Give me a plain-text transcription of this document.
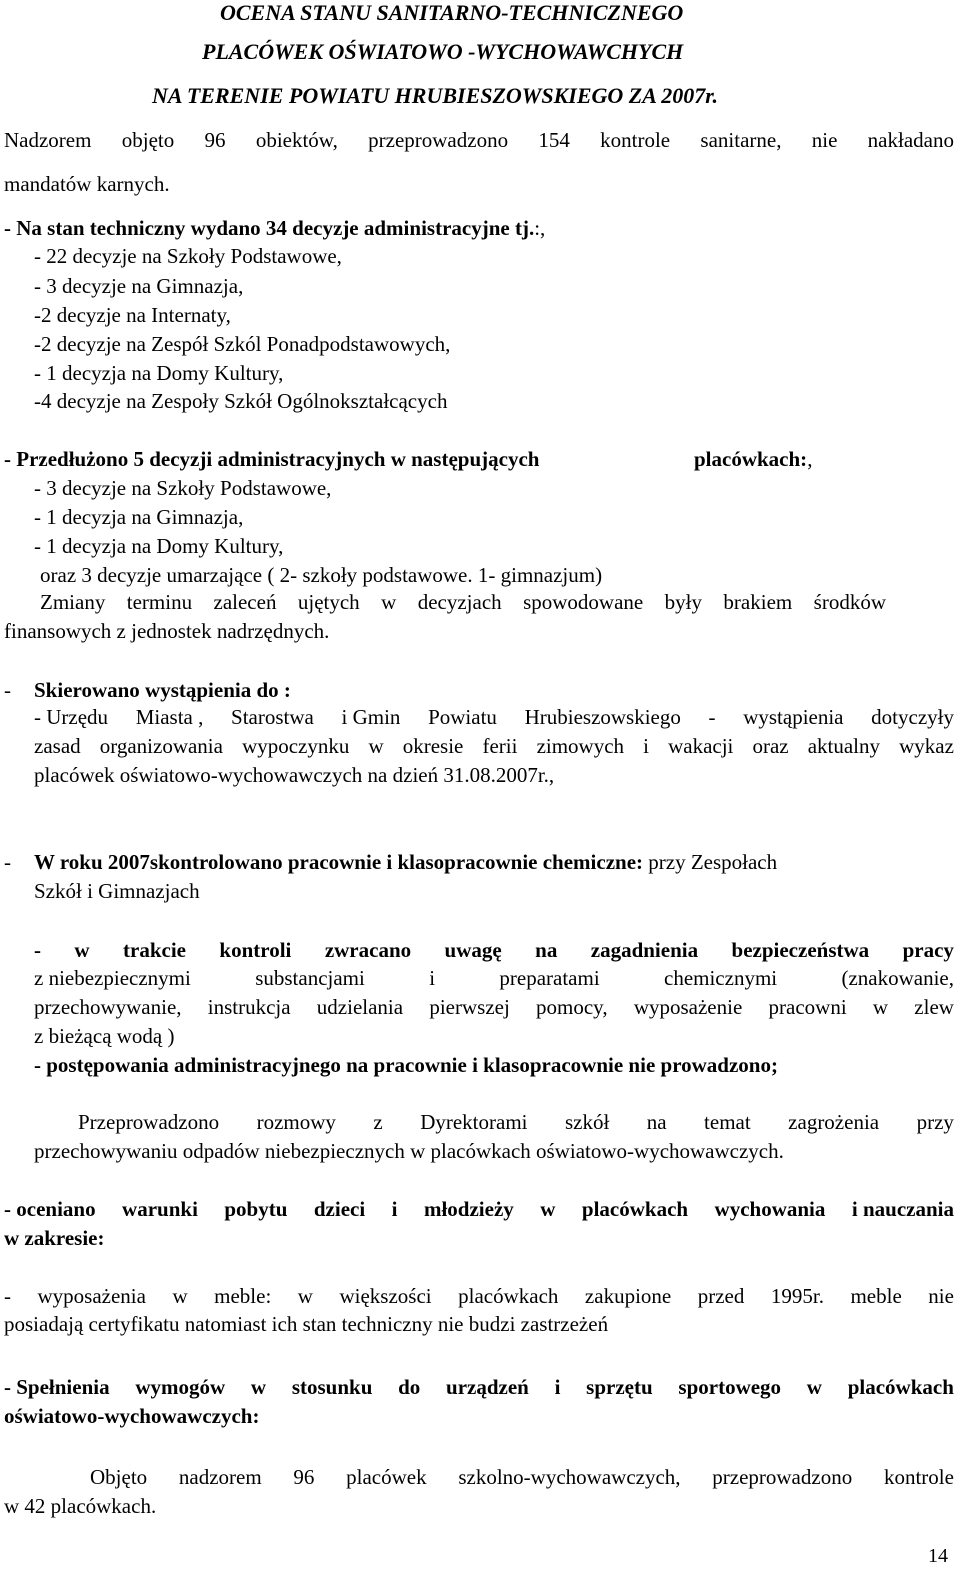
OCENA STANU SANITARNO-TECHNICZNEGO
PLACÓWEK OŚWIATOWO -WYCHOWAWCHYCH
NA TERENIE POWIATU HRUBIESZOWSKIEGO ZA 2007r.
Nadzorem objęto 96 obiektów, przeprowadzono 154 kontrole sanitarne, nie nakładano
mandatów karnych.
- Na stan techniczny wydano 34 decyzje administracyjne tj.:,
- 22 decyzje na Szkoły Podstawowe,
- 3 decyzje na Gimnazja,
-2 decyzje na Internaty,
-2 decyzje na Zespół Szkól Ponadpodstawowych,
- 1 decyzja na Domy Kultury,
-4 decyzje na Zespoły Szkół Ogólnokształcących
- Przedłużono 5 decyzji administracyjnych w następujących	placówkach:,
- 3 decyzje na Szkoły Podstawowe,
- 1 decyzja na Gimnazja,
- 1 decyzja na Domy Kultury,
oraz 3 decyzje umarzające ( 2- szkoły podstawowe. 1- gimnazjum)
Zmiany terminu zaleceń ujętych w decyzjach spowodowane były brakiem środków
finansowych z jednostek nadrzędnych.
- Skierowano wystąpienia do :
- Urzędu Miasta , Starostwa i Gmin Powiatu Hrubieszowskiego - wystąpienia dotyczyły
zasad organizowania wypoczynku w okresie ferii zimowych i wakacji oraz aktualny wykaz
placówek oświatowo-wychowawczych na dzień 31.08.2007r.,
- W roku 2007skontrolowano pracownie i klasopracownie chemiczne: przy Zespołach
Szkół i Gimnazjach
- w trakcie kontroli zwracano uwagę na zagadnienia bezpieczeństwa pracy
z niebezpiecznymi	substancjami	i	preparatami	chemicznymi	(znakowanie,
przechowywanie, instrukcja udzielania pierwszej pomocy, wyposażenie pracowni w zlew
z bieżącą wodą )
- postępowania administracyjnego na pracownie i klasopracownie nie prowadzono;
Przeprowadzono rozmowy z Dyrektorami szkół na temat zagrożenia przy
przechowywaniu odpadów niebezpiecznych w placówkach oświatowo-wychowawczych.
- oceniano warunki pobytu dzieci i młodzieży w placówkach wychowania i nauczania
w zakresie:
- wyposażenia w meble: w większości placówkach zakupione przed 1995r. meble nie
posiadają certyfikatu natomiast ich stan techniczny nie budzi zastrzeżeń
- Spełnienia wymogów w stosunku do urządzeń i sprzętu sportowego w placówkach
oświatowo-wychowawczych:
Objęto nadzorem 96 placówek szkolno-wychowawczych, przeprowadzono kontrole
w 42 placówkach.
14
